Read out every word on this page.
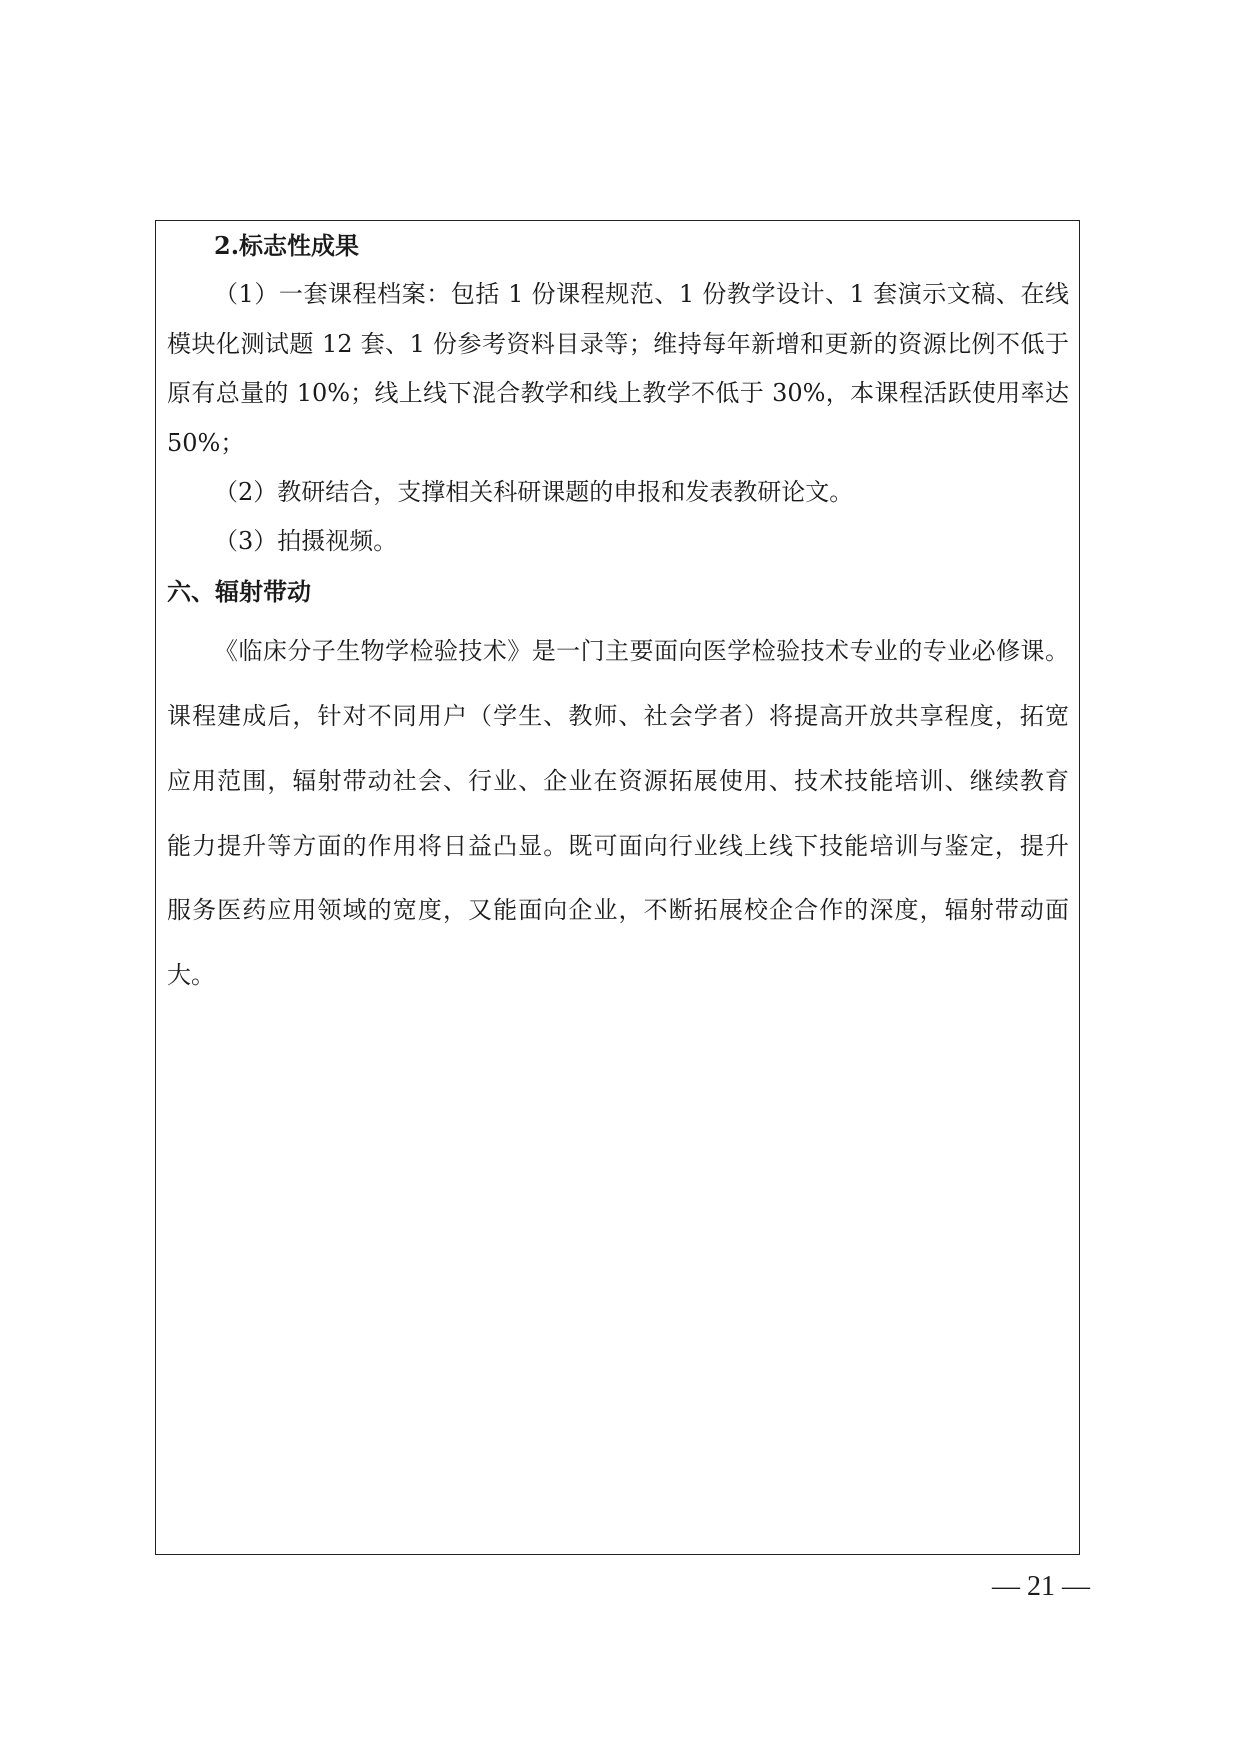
2.标志性成果
（1）一套课程档案：包括 1 份课程规范、1 份教学设计、1 套演示文稿、在线
模块化测试题 12 套、1 份参考资料目录等；维持每年新增和更新的资源比例不低于
原有总量的 10%；线上线下混合教学和线上教学不低于 30%，本课程活跃使用率达
50%；
（2）教研结合，支撑相关科研课题的申报和发表教研论文。
（3）拍摄视频。
六、辐射带动
《临床分子生物学检验技术》是一门主要面向医学检验技术专业的专业必修课。
课程建成后，针对不同用户（学生、教师、社会学者）将提高开放共享程度，拓宽
应用范围，辐射带动社会、行业、企业在资源拓展使用、技术技能培训、继续教育
能力提升等方面的作用将日益凸显。既可面向行业线上线下技能培训与鉴定，提升
服务医药应用领域的宽度，又能面向企业，不断拓展校企合作的深度，辐射带动面
大。
— 21 —
